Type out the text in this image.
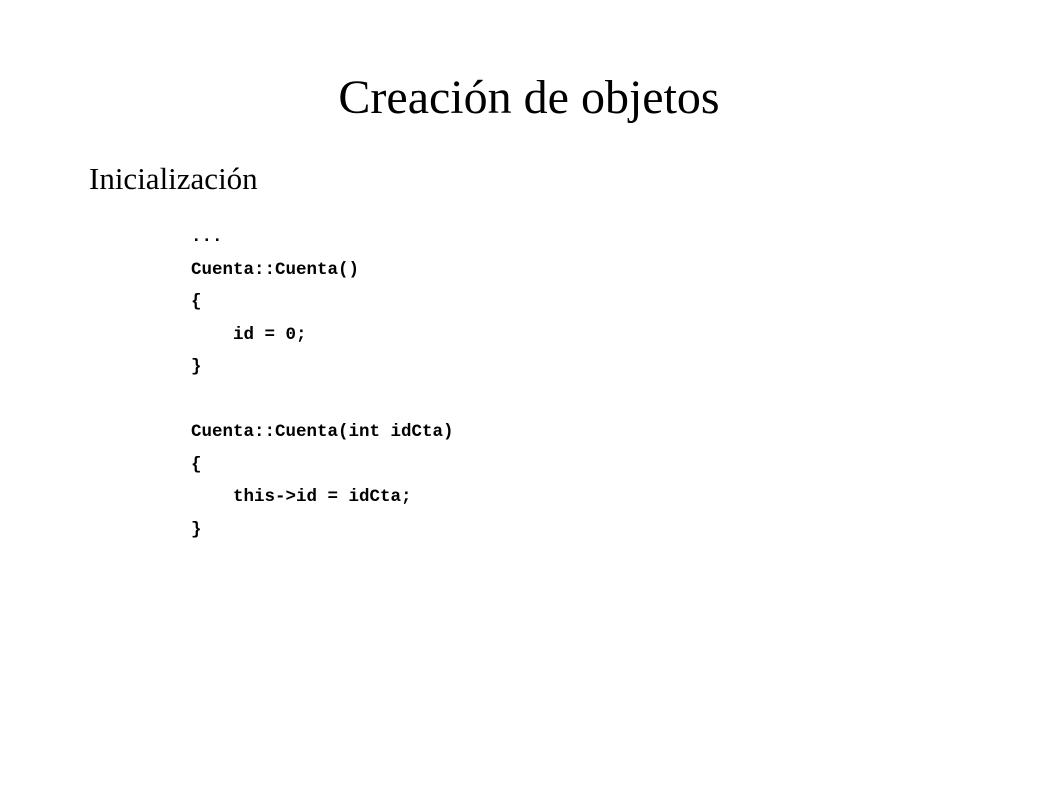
Creación de objetos
Inicialización
...
Cuenta::Cuenta()
{
id = 0;
}
Cuenta::Cuenta(int idCta)
{
this->id = idCta;
}
